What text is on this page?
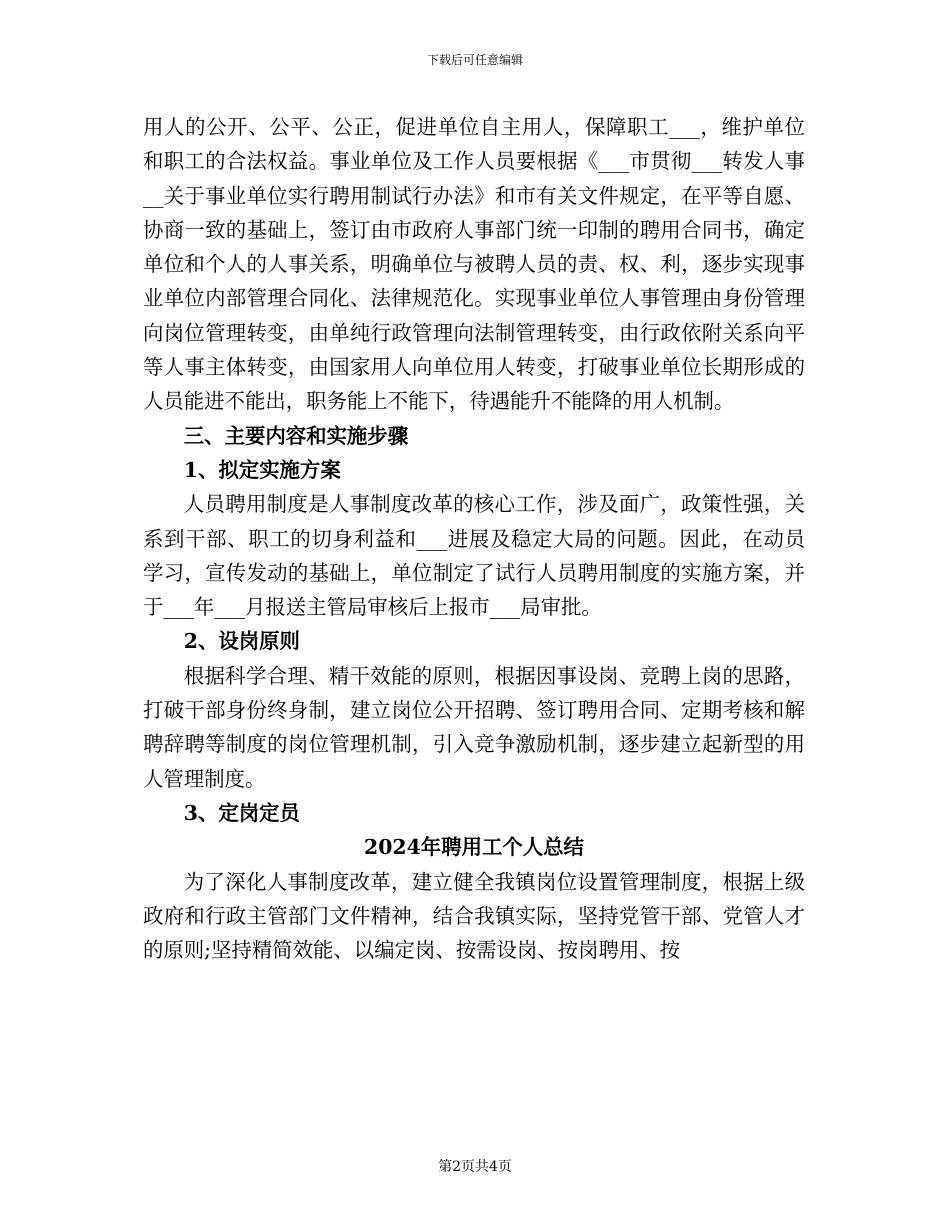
下载后可任意编辑

用人的公开、公平、公正，促进单位自主用人，保障职工___，维护单位和职工的合法权益。事业单位及工作人员要根据《___市贯彻___转发人事__关于事业单位实行聘用制试行办法》和市有关文件规定，在平等自愿、协商一致的基础上，签订由市政府人事部门统一印制的聘用合同书，确定单位和个人的人事关系，明确单位与被聘人员的责、权、利，逐步实现事业单位内部管理合同化、法律规范化。实现事业单位人事管理由身份管理向岗位管理转变，由单纯行政管理向法制管理转变，由行政依附关系向平等人事主体转变，由国家用人向单位用人转变，打破事业单位长期形成的人员能进不能出，职务能上不能下，待遇能升不能降的用人机制。

三、主要内容和实施步骤
1、拟定实施方案

人员聘用制度是人事制度改革的核心工作，涉及面广，政策性强，关系到干部、职工的切身利益和___进展及稳定大局的问题。因此，在动员学习，宣传发动的基础上，单位制定了试行人员聘用制度的实施方案，并于___年___月报送主管局审核后上报市___局审批。

2、设岗原则

根据科学合理、精干效能的原则，根据因事设岗、竞聘上岗的思路，打破干部身份终身制，建立岗位公开招聘、签订聘用合同、定期考核和解聘辞聘等制度的岗位管理机制，引入竞争激励机制，逐步建立起新型的用人管理制度。

3、定岗定员
2024年聘用工个人总结

为了深化人事制度改革，建立健全我镇岗位设置管理制度，根据上级政府和行政主管部门文件精神，结合我镇实际，坚持党管干部、党管人才的原则;坚持精简效能、以编定岗、按需设岗、按岗聘用、按

第2页共4页
